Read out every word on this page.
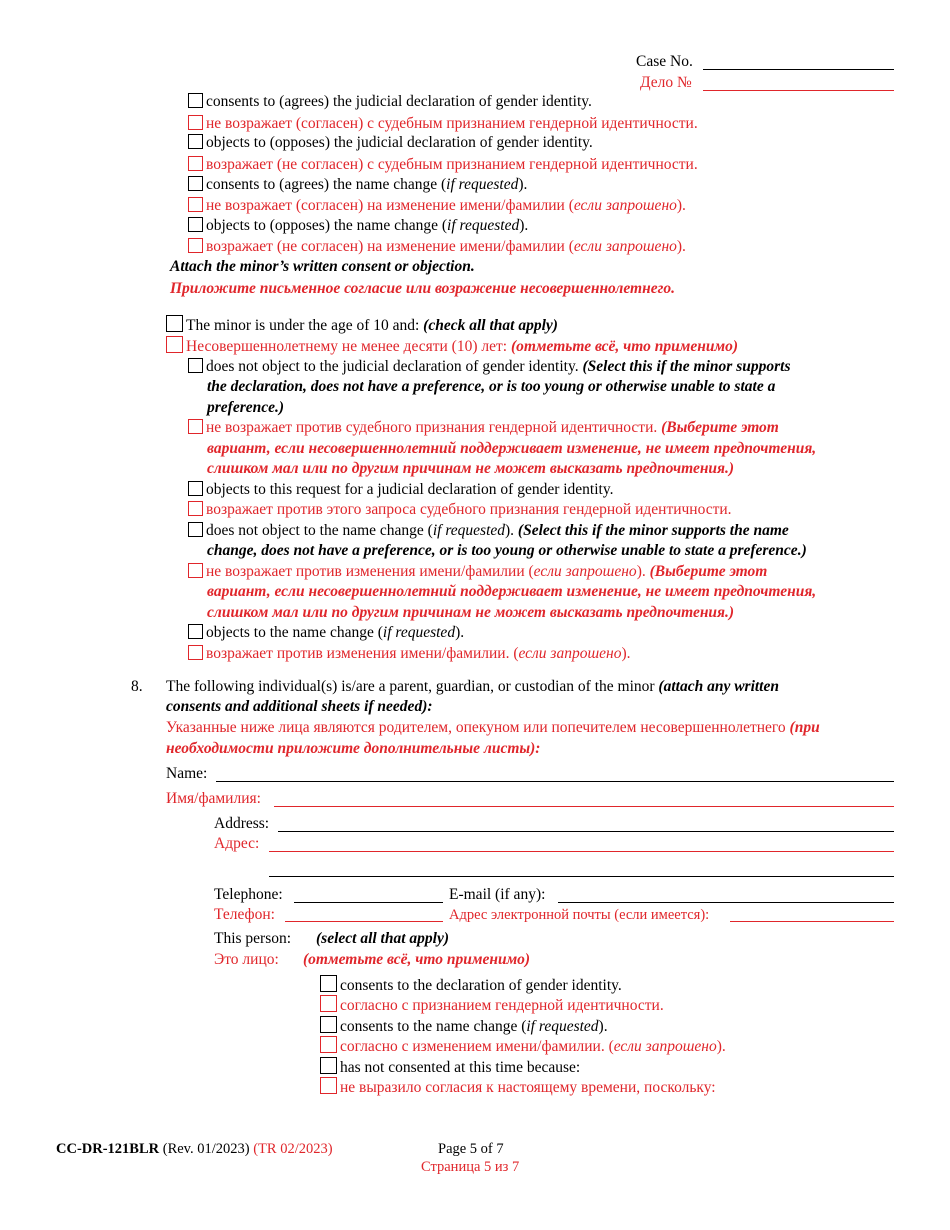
Case No.
Дело №
consents to (agrees) the judicial declaration of gender identity.
не возражает (согласен) с судебным признанием гендерной идентичности.
objects to (opposes) the judicial declaration of gender identity.
возражает (не согласен) с судебным признанием гендерной идентичности.
consents to (agrees) the name change (if requested).
не возражает (согласен) на изменение имени/фамилии (если запрошено).
objects to (opposes) the name change (if requested).
возражает (не согласен) на изменение имени/фамилии (если запрошено).
Attach the minor’s written consent or objection.
Приложите письменное согласие или возражение несовершеннолетнего.
The minor is under the age of 10 and: (check all that apply)
Несовершеннолетнему не менее десяти (10) лет: (отметьте всё, что применимо)
does not object to the judicial declaration of gender identity. (Select this if the minor supports
the declaration, does not have a preference, or is too young or otherwise unable to state a
preference.)
не возражает против судебного признания гендерной идентичности. (Выберите этот
вариант, если несовершеннолетний поддерживает изменение, не имеет предпочтения,
слишком мал или по другим причинам не может высказать предпочтения.)
objects to this request for a judicial declaration of gender identity.
возражает против этого запроса судебного признания гендерной идентичности.
does not object to the name change (if requested). (Select this if the minor supports the name
change, does not have a preference, or is too young or otherwise unable to state a preference.)
не возражает против изменения имени/фамилии (если запрошено). (Выберите этот
вариант, если несовершеннолетний поддерживает изменение, не имеет предпочтения,
слишком мал или по другим причинам не может высказать предпочтения.)
objects to the name change (if requested).
возражает против изменения имени/фамилии. (если запрошено).
8. The following individual(s) is/are a parent, guardian, or custodian of the minor (attach any written
consents and additional sheets if needed):
Указанные ниже лица являются родителем, опекуном или попечителем несовершеннолетнего (при
необходимости приложите дополнительные листы):
Name:
Имя/фамилия:
Address:
Адрес:
Telephone:	E-mail (if any):
Телефон:	Адрес электронной почты (если имеется):
This person: (select all that apply)
Это лицо: (отметьте всё, что применимо)
consents to the declaration of gender identity.
согласно с признанием гендерной идентичности.
consents to the name change (if requested).
согласно с изменением имени/фамилии. (если запрошено).
has not consented at this time because:
не выразило согласия к настоящему времени, поскольку:
CC-DR-121BLR (Rev. 01/2023) (TR 02/2023)	Page 5 of 7
Страница 5 из 7
